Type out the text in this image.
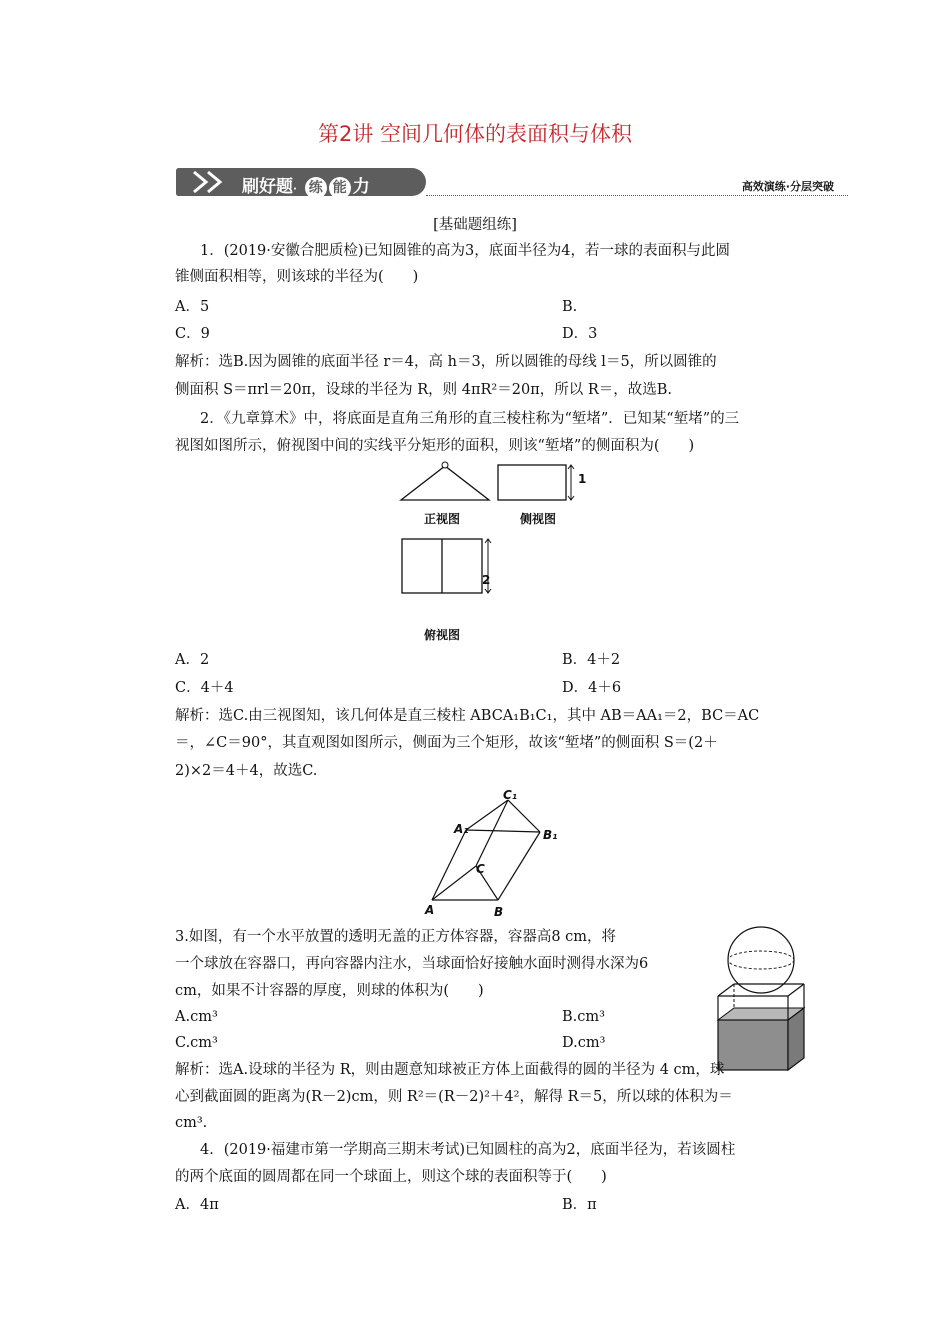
第2讲 空间几何体的表面积与体积
刷好题· 练 能 力	高效演练·分层突破
[基础题组练]
1．(2019·安徽合肥质检)已知圆锥的高为3，底面半径为4，若一球的表面积与此圆
锥侧面积相等，则该球的半径为(　　)
A．5	B.
C．9	D．3
解析：选B.因为圆锥的底面半径 r＝4，高 h＝3，所以圆锥的母线 l＝5，所以圆锥的
侧面积 S＝πrl＝20π，设球的半径为 R，则 4πR²＝20π，所以 R＝，故选B.
2．《九章算术》中，将底面是直角三角形的直三棱柱称为“堑堵”．已知某“堑堵”的三
视图如图所示，俯视图中间的实线平分矩形的面积，则该“堑堵”的侧面积为(　　)
1
正视图	侧视图
2
俯视图
A．2	B．4＋2
C．4＋4	D．4＋6
解析：选C.由三视图知，该几何体是直三棱柱 ABCA₁B₁C₁，其中 AB＝AA₁＝2，BC＝AC
＝，∠C＝90°，其直观图如图所示，侧面为三个矩形，故该“堑堵”的侧面积 S＝(2＋
2)×2＝4＋4，故选C.
C₁
A₁	B₁
C
A	B
3.如图，有一个水平放置的透明无盖的正方体容器，容器高8 cm，将
一个球放在容器口，再向容器内注水，当球面恰好接触水面时测得水深为6
cm，如果不计容器的厚度，则球的体积为(　　)
A.cm³	B.cm³
C.cm³	D.cm³
解析：选A.设球的半径为 R，则由题意知球被正方体上面截得的圆的半径为 4 cm，球
心到截面圆的距离为(R－2)cm，则 R²＝(R－2)²＋4²，解得 R＝5，所以球的体积为＝
cm³.
4．(2019·福建市第一学期高三期末考试)已知圆柱的高为2，底面半径为，若该圆柱
的两个底面的圆周都在同一个球面上，则这个球的表面积等于(　　)
A．4π	B．π
